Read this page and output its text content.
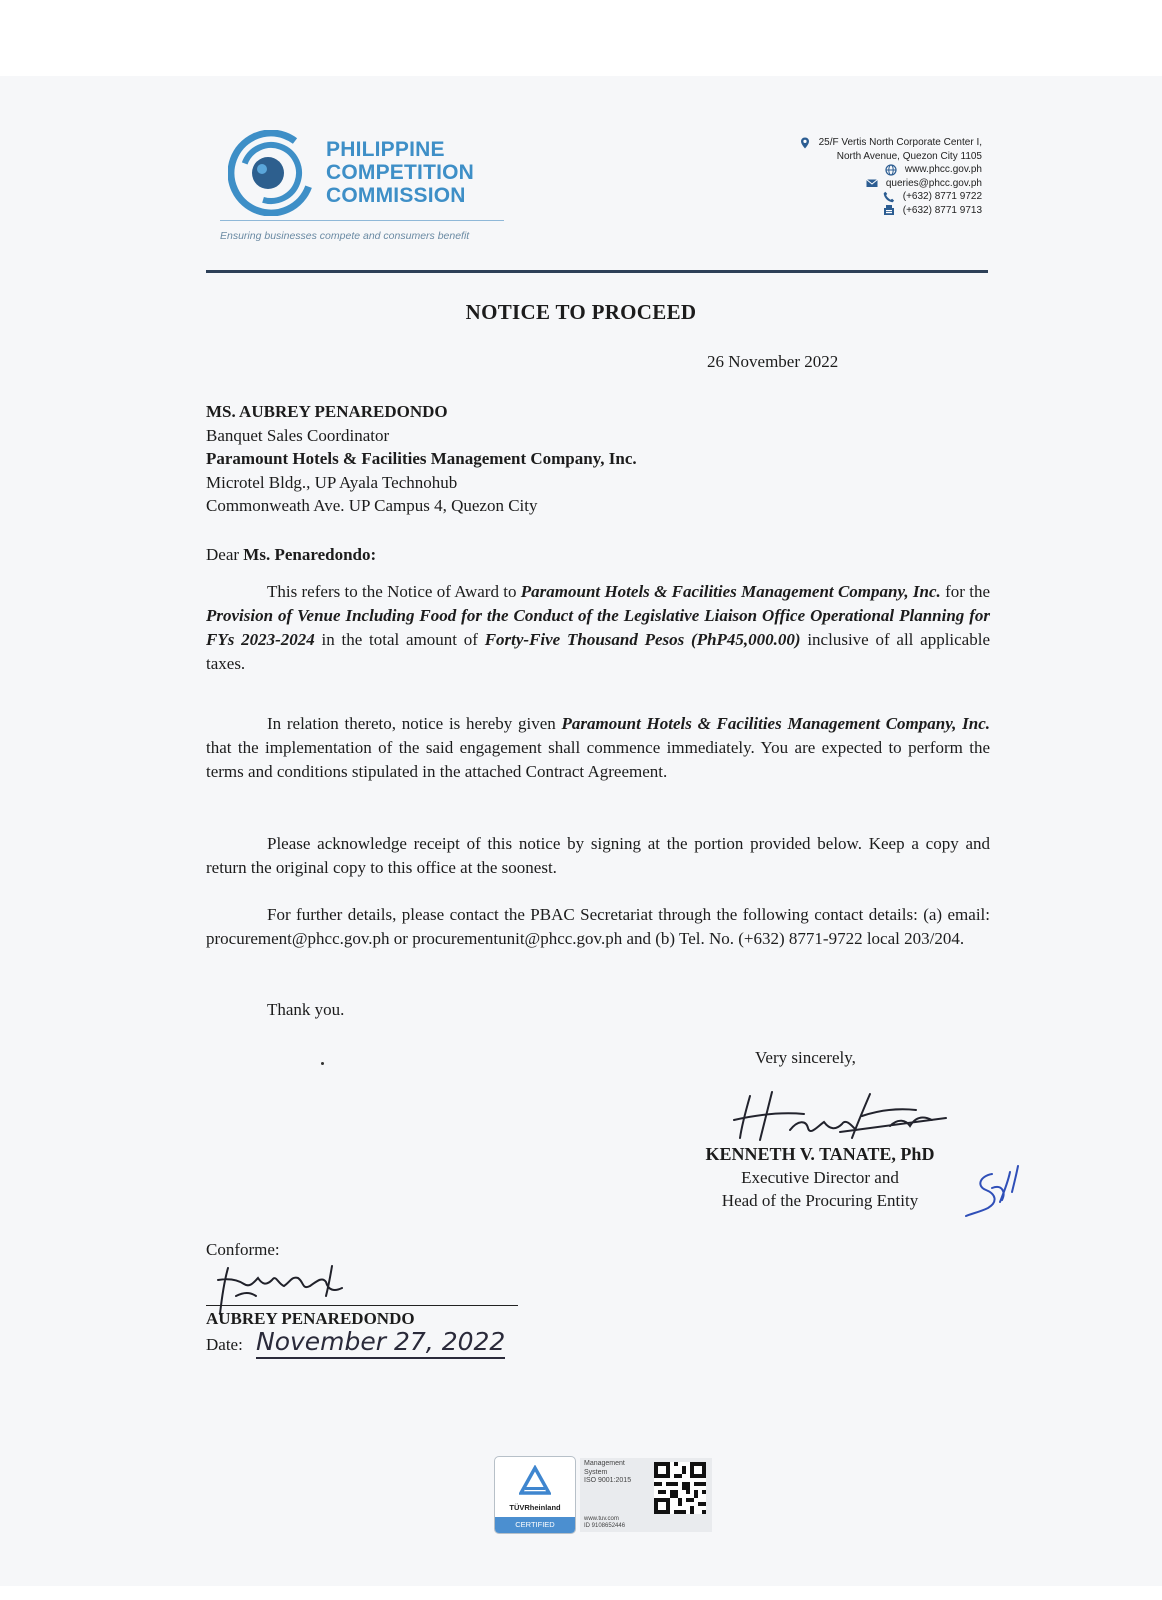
PHILIPPINE
COMPETITION
COMMISSION
Ensuring businesses compete and consumers benefit
25/F Vertis North Corporate Center I,
North Avenue, Quezon City 1105
www.phcc.gov.ph
queries@phcc.gov.ph
(+632) 8771 9722
(+632) 8771 9713
NOTICE TO PROCEED
26 November 2022
MS. AUBREY PENAREDONDO
Banquet Sales Coordinator
Paramount Hotels & Facilities Management Company, Inc.
Microtel Bldg., UP Ayala Technohub
Commonweath Ave. UP Campus 4, Quezon City
Dear Ms. Penaredondo:
This refers to the Notice of Award to Paramount Hotels & Facilities Management Company, Inc. for the Provision of Venue Including Food for the Conduct of the Legislative Liaison Office Operational Planning for FYs 2023-2024 in the total amount of Forty-Five Thousand Pesos (PhP45,000.00) inclusive of all applicable taxes.
In relation thereto, notice is hereby given Paramount Hotels & Facilities Management Company, Inc. that the implementation of the said engagement shall commence immediately. You are expected to perform the terms and conditions stipulated in the attached Contract Agreement.
Please acknowledge receipt of this notice by signing at the portion provided below. Keep a copy and return the original copy to this office at the soonest.
For further details, please contact the PBAC Secretariat through the following contact details: (a) email: procurement@phcc.gov.ph or procurementunit@phcc.gov.ph and (b) Tel. No. (+632) 8771-9722 local 203/204.
Thank you.
Very sincerely,
KENNETH V. TANATE, PhD
Executive Director and
Head of the Procuring Entity
Conforme:
AUBREY PENAREDONDO
Date: November 27, 2022
TÜVRheinland
CERTIFIED
Management
System
ISO 9001:2015
www.tuv.com
ID 9108652446
